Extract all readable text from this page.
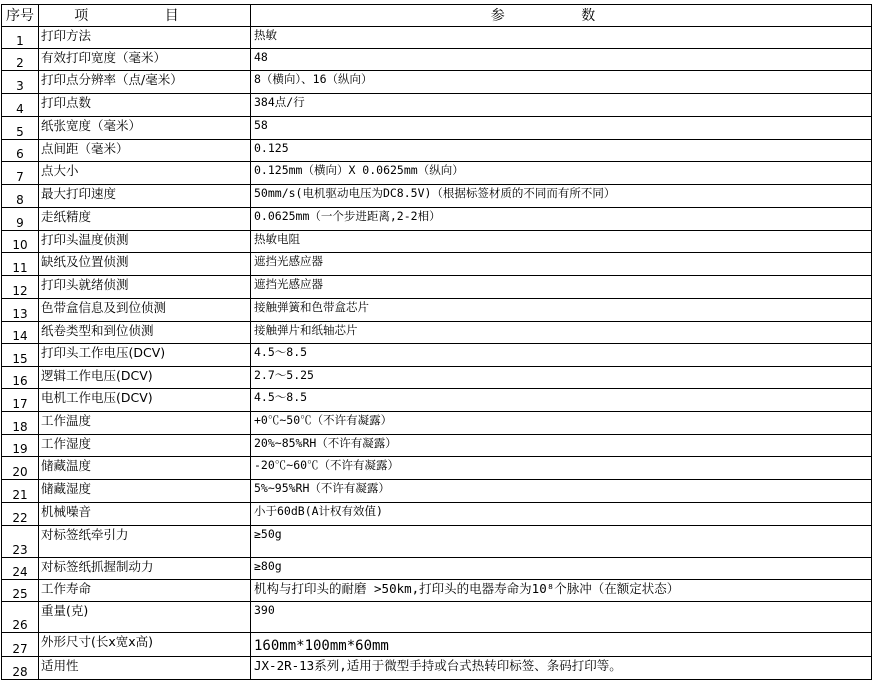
序号	项 目	参 数
1	打印方法	热敏
2	有效打印宽度（毫米）	48
3	打印点分辨率（点/毫米）	8（横向）、16（纵向）
4	打印点数	384点/行
5	纸张宽度（毫米）	58
6	点间距（毫米）	0.125
7	点大小	0.125mm（横向）X 0.0625mm（纵向）
8	最大打印速度	50mm/s(电机驱动电压为DC8.5V)（根据标签材质的不同而有所不同）
9	走纸精度	0.0625mm（一个步进距离,2-2相）
10	打印头温度侦测	热敏电阻
11	缺纸及位置侦测	遮挡光感应器
12	打印头就绪侦测	遮挡光感应器
13	色带盒信息及到位侦测	接触弹簧和色带盒芯片
14	纸卷类型和到位侦测	接触弹片和纸轴芯片
15	打印头工作电压(DCV)	4.5～8.5
16	逻辑工作电压(DCV)	2.7～5.25
17	电机工作电压(DCV)	4.5～8.5
18	工作温度	+0℃~50℃（不许有凝露）
19	工作湿度	20%~85%RH（不许有凝露）
20	储藏温度	-20℃~60℃（不许有凝露）
21	储藏湿度	5%~95%RH（不许有凝露）
22	机械噪音	小于60dB(A计权有效值)
23	对标签纸牵引力	≥50g
24	对标签纸抓握制动力	≥80g
25	工作寿命	机构与打印头的耐磨 >50km,打印头的电器寿命为10⁸个脉冲（在额定状态）
26	重量(克)	390
27	外形尺寸(长x宽x高)	160mm*100mm*60mm
28	适用性	JX-2R-13系列,适用于微型手持或台式热转印标签、条码打印等。
